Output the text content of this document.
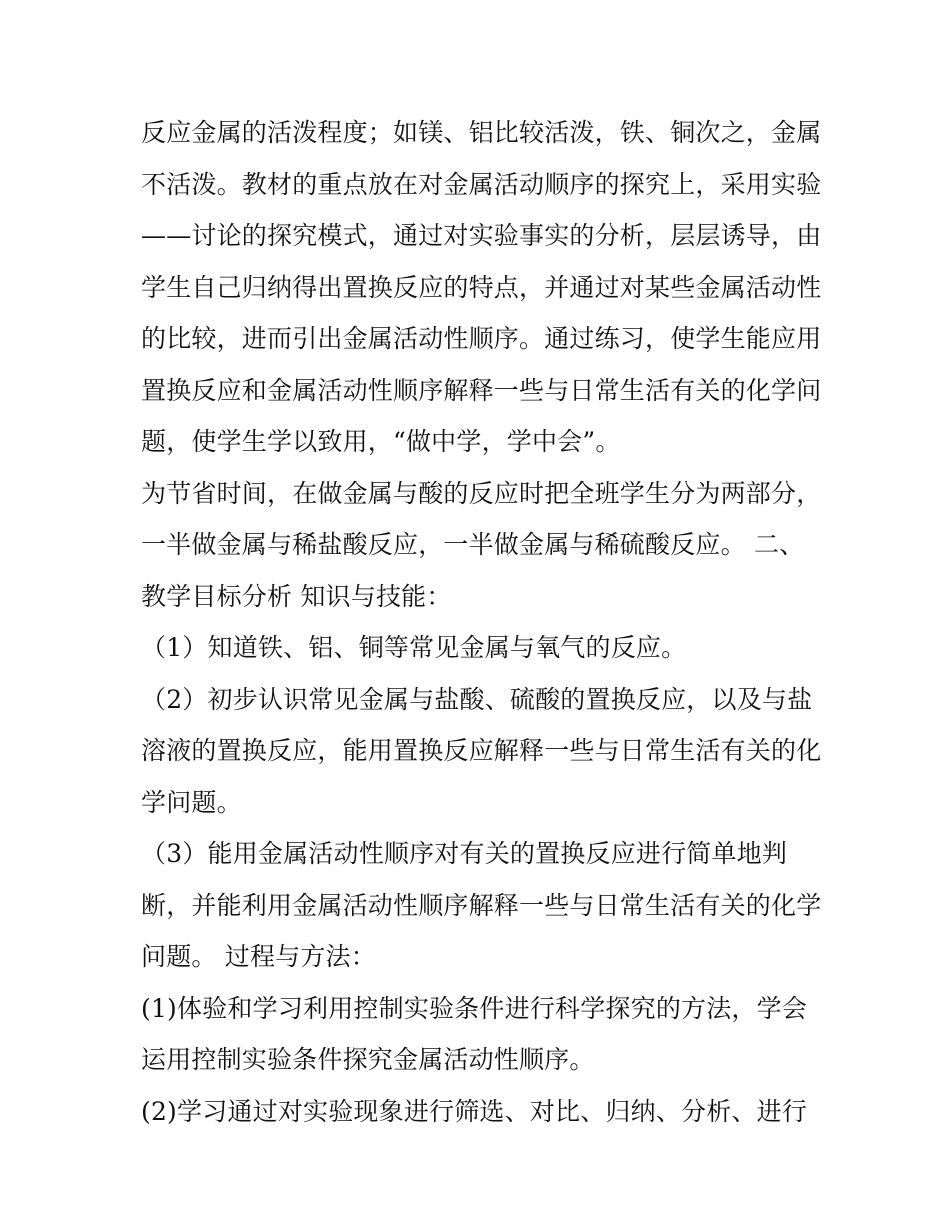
反应金属的活泼程度；如镁、铝比较活泼，铁、铜次之，金属
不活泼。教材的重点放在对金属活动顺序的探究上，采用实验
——讨论的探究模式，通过对实验事实的分析，层层诱导，由
学生自己归纳得出置换反应的特点，并通过对某些金属活动性
的比较，进而引出金属活动性顺序。通过练习，使学生能应用
置换反应和金属活动性顺序解释一些与日常生活有关的化学问
题，使学生学以致用，“做中学，学中会”。
为节省时间，在做金属与酸的反应时把全班学生分为两部分，
一半做金属与稀盐酸反应，一半做金属与稀硫酸反应。 二、
教学目标分析 知识与技能：
（1）知道铁、铝、铜等常见金属与氧气的反应。
（2）初步认识常见金属与盐酸、硫酸的置换反应，以及与盐
溶液的置换反应，能用置换反应解释一些与日常生活有关的化
学问题。
（3）能用金属活动性顺序对有关的置换反应进行简单地判
断，并能利用金属活动性顺序解释一些与日常生活有关的化学
问题。 过程与方法：
(1)体验和学习利用控制实验条件进行科学探究的方法，学会
运用控制实验条件探究金属活动性顺序。
(2)学习通过对实验现象进行筛选、对比、归纳、分析、进行
